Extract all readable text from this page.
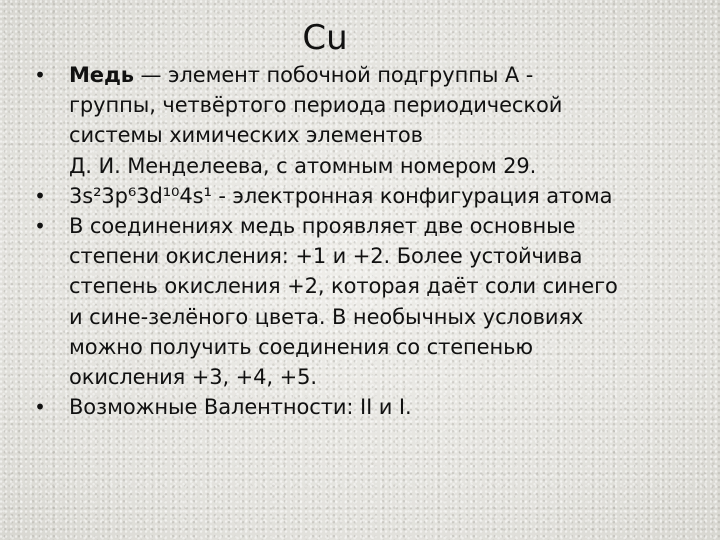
Cu
• Медь — элемент побочной подгруппы А -
группы, четвёртого периода периодической
системы химических элементов
Д. И. Менделеева, с атомным номером 29.
• 3s²3p⁶3d¹⁰4s¹ - электронная конфигурация атома
• В соединениях медь проявляет две основные
степени окисления: +1 и +2. Более устойчива
степень окисления +2, которая даёт соли синего
и сине-зелёного цвета. В необычных условиях
можно получить соединения со степенью
окисления +3, +4, +5.
• Возможные Валентности: II и I.
